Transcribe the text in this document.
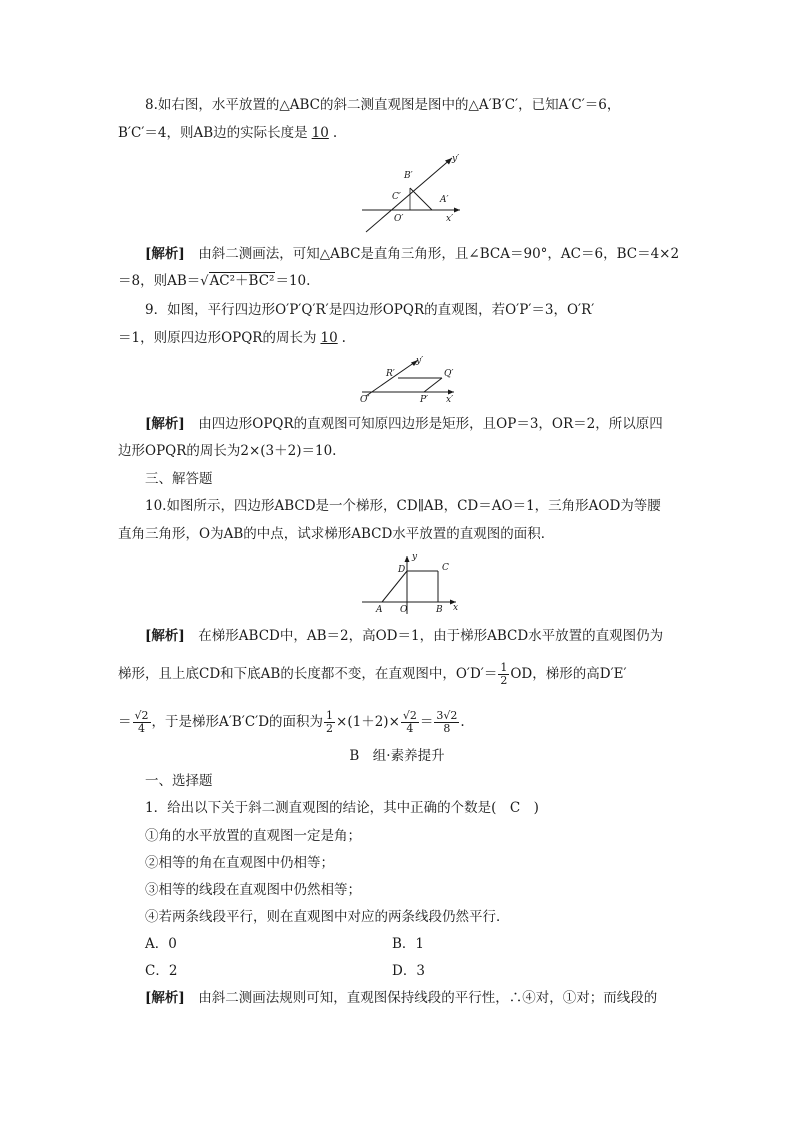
8.如右图，水平放置的△ABC的斜二测直观图是图中的△A′B′C′，已知A′C′＝6，
B′C′＝4，则AB边的实际长度是 10 .
y′
B′
C′	A′
O′	x′
[解析]　 由斜二测画法，可知△ABC是直角三角形，且∠BCA＝90°，AC＝6，BC＝4×2
＝8，则AB＝√AC²＋BC²＝10.
9．如图，平行四边形O′P′Q′R′是四边形OPQR的直观图，若O′P′＝3，O′R′
＝1，则原四边形OPQR的周长为 10 .
y′
R′	Q′
O′	P′ x′
[解析]　 由四边形OPQR的直观图可知原四边形是矩形，且OP＝3，OR＝2，所以原四
边形OPQR的周长为2×(3＋2)＝10.
三、解答题
10.如图所示，四边形ABCD是一个梯形，CD∥AB，CD＝AO＝1，三角形AOD为等腰
直角三角形，O为AB的中点，试求梯形ABCD水平放置的直观图的面积．
y
D	C
A O	B x
[解析]　 在梯形ABCD中，AB＝2，高OD＝1，由于梯形ABCD水平放置的直观图仍为
梯形，且上底CD和下底AB的长度都不变，在直观图中，$O'D'= \frac{1}{2}$ OD，梯形的高D′E′
＝ $\frac{√2}{4}$ ，于是梯形A′B′C′D的面积为 $\frac{1}{2} \times(1+2)\times \frac{√2}{4} = \frac{3√2}{8}$ .
B　组·素养提升
一、选择题
1．给出以下关于斜二测直观图的结论，其中正确的个数是(　C　)
①角的水平放置的直观图一定是角；
②相等的角在直观图中仍相等；
③相等的线段在直观图中仍然相等；
④若两条线段平行，则在直观图中对应的两条线段仍然平行．
A．0	B．1
C．2	D．3
[解析]　 由斜二测画法规则可知，直观图保持线段的平行性，∴④对，①对；而线段的
